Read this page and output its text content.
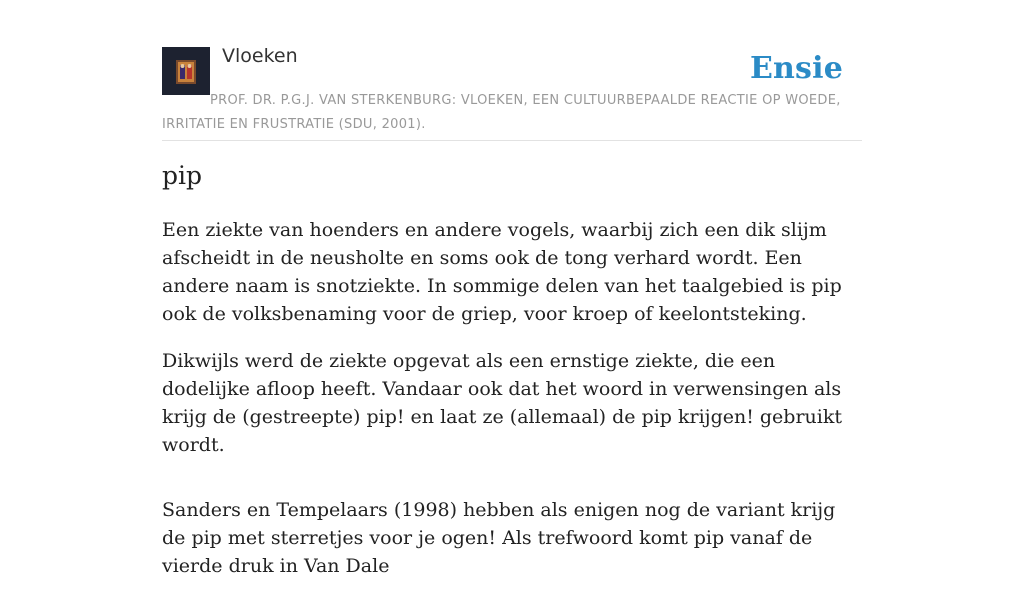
Vloeken	Ensie
PROF. DR. P.G.J. VAN STERKENBURG: VLOEKEN, EEN CULTUURBEPAALDE REACTIE OP WOEDE, IRRITATIE EN FRUSTRATIE (SDU, 2001).
pip

Een ziekte van hoenders en andere vogels, waarbij zich een dik slijm afscheidt in de neusholte en soms ook de tong verhard wordt. Een andere naam is snotziekte. In sommige delen van het taalgebied is pip ook de volksbenaming voor de griep, voor kroep of keelontsteking.

Dikwijls werd de ziekte opgevat als een ernstige ziekte, die een dodelijke afloop heeft. Vandaar ook dat het woord in verwensingen als krijg de (gestreepte) pip! en laat ze (allemaal) de pip krijgen! gebruikt wordt.

Sanders en Tempelaars (1998) hebben als enigen nog de variant krijg de pip met sterretjes voor je ogen! Als trefwoord komt pip vanaf de vierde druk in Van Dale
